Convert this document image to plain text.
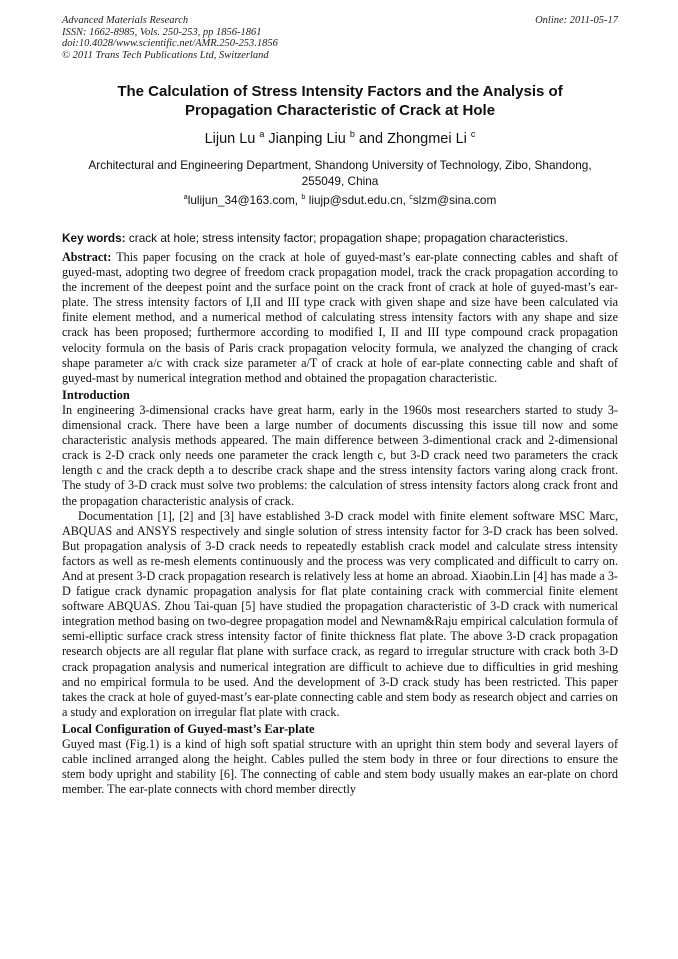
Advanced Materials Research
ISSN: 1662-8985, Vols. 250-253, pp 1856-1861
doi:10.4028/www.scientific.net/AMR.250-253.1856
© 2011 Trans Tech Publications Ltd, Switzerland
Online: 2011-05-17
The Calculation of Stress Intensity Factors and the Analysis of
Propagation Characteristic of Crack at Hole
Lijun Lu $^a$ Jianping Liu $^b$ and Zhongmei Li $^c$
Architectural and Engineering Department, Shandong University of Technology, Zibo, Shandong,
255049, China
$^a$lulijun_34@163.com, $^b$ liujp@sdut.edu.cn, $^c$slzm@sina.com
Key words: crack at hole; stress intensity factor; propagation shape; propagation characteristics.

Abstract: This paper focusing on the crack at hole of guyed-mast’s ear-plate connecting cables and shaft of guyed-mast, adopting two degree of freedom crack propagation model, track the crack propagation according to the increment of the deepest point and the surface point on the crack front of crack at hole of guyed-mast’s ear-plate. The stress intensity factors of I,II and III type crack with given shape and size have been calculated via finite element method, and a numerical method of calculating stress intensity factors with any shape and size crack has been proposed; furthermore according to modified I, II and III type compound crack propagation velocity formula on the basis of Paris crack propagation velocity formula, we analyzed the changing of crack shape parameter a/c with crack size parameter a/T of crack at hole of ear-plate connecting cable and shaft of guyed-mast by numerical integration method and obtained the propagation characteristic.

Introduction

In engineering 3-dimensional cracks have great harm, early in the 1960s most researchers started to study 3-dimensional crack. There have been a large number of documents discussing this issue till now and some characteristic analysis methods appeared. The main difference between 3-dimentional crack and 2-dimensional crack is 2-D crack only needs one parameter the crack length c, but 3-D crack need two parameters the crack length c and the crack depth a to describe crack shape and the stress intensity factors varing along crack front. The study of 3-D crack must solve two problems: the calculation of stress intensity factors along crack front and the propagation characteristic analysis of crack.

Documentation [1], [2] and [3] have established 3-D crack model with finite element software MSC Marc, ABQUAS and ANSYS respectively and single solution of stress intensity factor for 3-D crack has been solved. But propagation analysis of 3-D crack needs to repeatedly establish crack model and calculate stress intensity factors as well as re-mesh elements continuously and the process was very complicated and difficult to carry on. And at present 3-D crack propagation research is relatively less at home an abroad. Xiaobin.Lin [4] has made a 3-D fatigue crack dynamic propagation analysis for flat plate containing crack with commercial finite element software ABQUAS. Zhou Tai-quan [5] have studied the propagation characteristic of 3-D crack with numerical integration method basing on two-degree propagation model and Newnam&Raju empirical calculation formula of semi-elliptic surface crack stress intensity factor of finite thickness flat plate. The above 3-D crack propagation research objects are all regular flat plane with surface crack, as regard to irregular structure with crack both 3-D crack propagation analysis and numerical integration are difficult to achieve due to difficulties in grid meshing and no empirical formula to be used. And the development of 3-D crack study has been restricted. This paper takes the crack at hole of guyed-mast’s ear-plate connecting cable and stem body as research object and carries on a study and exploration on irregular flat plate with crack.

Local Configuration of Guyed-mast’s Ear-plate

Guyed mast (Fig.1) is a kind of high soft spatial structure with an upright thin stem body and several layers of cable inclined arranged along the height. Cables pulled the stem body in three or four directions to ensure the stem body upright and stability [6]. The connecting of cable and stem body usually makes an ear-plate on chord member. The ear-plate connects with chord member directly
